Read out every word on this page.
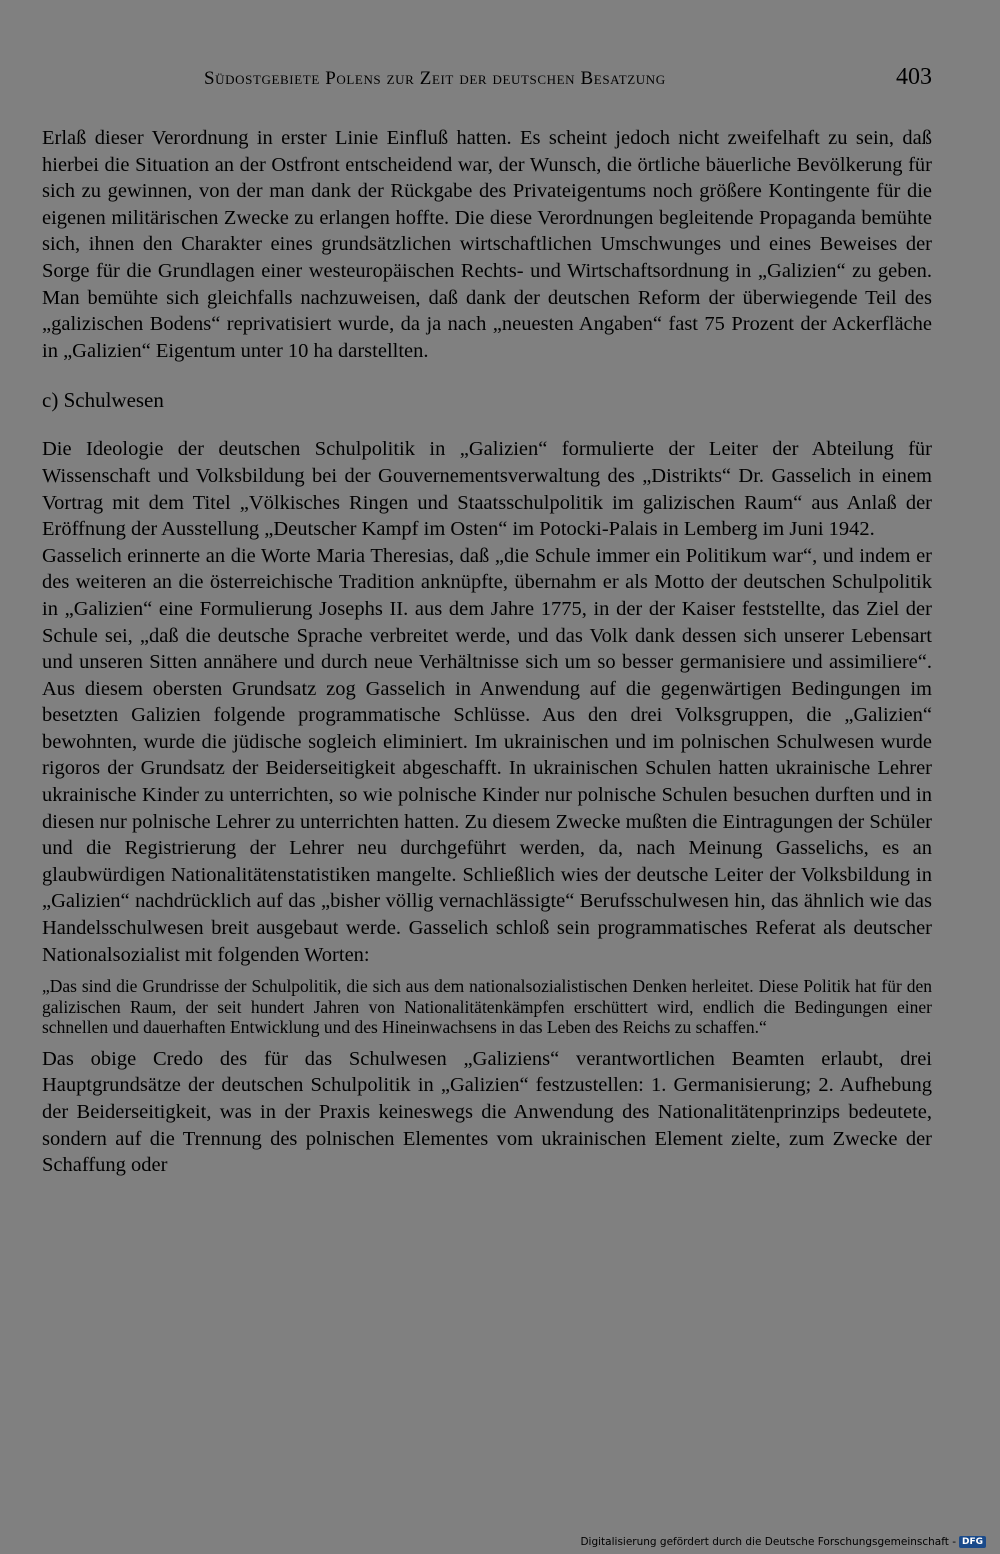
Südostgebiete Polens zur Zeit der deutschen Besatzung	403

Erlaß dieser Verordnung in erster Linie Einfluß hatten. Es scheint jedoch nicht zweifelhaft zu sein, daß hierbei die Situation an der Ostfront entscheidend war, der Wunsch, die örtliche bäuerliche Bevölkerung für sich zu gewinnen, von der man dank der Rückgabe des Privateigentums noch größere Kontingente für die eigenen militärischen Zwecke zu erlangen hoffte. Die diese Verordnungen begleitende Propaganda bemühte sich, ihnen den Charakter eines grundsätzlichen wirtschaftlichen Umschwunges und eines Beweises der Sorge für die Grundlagen einer westeuropäischen Rechts- und Wirtschaftsordnung in „Galizien“ zu geben. Man bemühte sich gleichfalls nachzuweisen, daß dank der deutschen Reform der überwiegende Teil des „galizischen Bodens“ reprivatisiert wurde, da ja nach „neuesten Angaben“ fast 75 Prozent der Ackerfläche in „Galizien“ Eigentum unter 10 ha darstellten.

c) Schulwesen

Die Ideologie der deutschen Schulpolitik in „Galizien“ formulierte der Leiter der Abteilung für Wissenschaft und Volksbildung bei der Gouvernementsverwaltung des „Distrikts“ Dr. Gasselich in einem Vortrag mit dem Titel „Völkisches Ringen und Staatsschulpolitik im galizischen Raum“ aus Anlaß der Eröffnung der Ausstellung „Deutscher Kampf im Osten“ im Potocki-Palais in Lemberg im Juni 1942.

Gasselich erinnerte an die Worte Maria Theresias, daß „die Schule immer ein Politikum war“, und indem er des weiteren an die österreichische Tradition anknüpfte, übernahm er als Motto der deutschen Schulpolitik in „Galizien“ eine Formulierung Josephs II. aus dem Jahre 1775, in der der Kaiser feststellte, das Ziel der Schule sei, „daß die deutsche Sprache verbreitet werde, und das Volk dank dessen sich unserer Lebensart und unseren Sitten annähere und durch neue Verhältnisse sich um so besser germanisiere und assimiliere“. Aus diesem obersten Grundsatz zog Gasselich in Anwendung auf die gegenwärtigen Bedingungen im besetzten Galizien folgende programmatische Schlüsse. Aus den drei Volksgruppen, die „Galizien“ bewohnten, wurde die jüdische sogleich eliminiert. Im ukrainischen und im polnischen Schulwesen wurde rigoros der Grundsatz der Beiderseitigkeit abgeschafft. In ukrainischen Schulen hatten ukrainische Lehrer ukrainische Kinder zu unterrichten, so wie polnische Kinder nur polnische Schulen besuchen durften und in diesen nur polnische Lehrer zu unterrichten hatten. Zu diesem Zwecke mußten die Eintragungen der Schüler und die Registrierung der Lehrer neu durchgeführt werden, da, nach Meinung Gasselichs, es an glaubwürdigen Nationalitätenstatistiken mangelte. Schließlich wies der deutsche Leiter der Volksbildung in „Galizien“ nachdrücklich auf das „bisher völlig vernachlässigte“ Berufsschulwesen hin, das ähnlich wie das Handelsschulwesen breit ausgebaut werde. Gasselich schloß sein programmatisches Referat als deutscher Nationalsozialist mit folgenden Worten:

„Das sind die Grundrisse der Schulpolitik, die sich aus dem nationalsozialistischen Denken herleitet. Diese Politik hat für den galizischen Raum, der seit hundert Jahren von Nationalitätenkämpfen erschüttert wird, endlich die Bedingungen einer schnellen und dauerhaften Entwicklung und des Hineinwachsens in das Leben des Reichs zu schaffen.“

Das obige Credo des für das Schulwesen „Galiziens“ verantwortlichen Beamten erlaubt, drei Hauptgrundsätze der deutschen Schulpolitik in „Galizien“ festzustellen: 1. Germanisierung; 2. Aufhebung der Beiderseitigkeit, was in der Praxis keineswegs die Anwendung des Nationalitätenprinzips bedeutete, sondern auf die Trennung des polnischen Elementes vom ukrainischen Element zielte, zum Zwecke der Schaffung oder

Digitalisierung gefördert durch die Deutsche Forschungsgemeinschaft - DFG
